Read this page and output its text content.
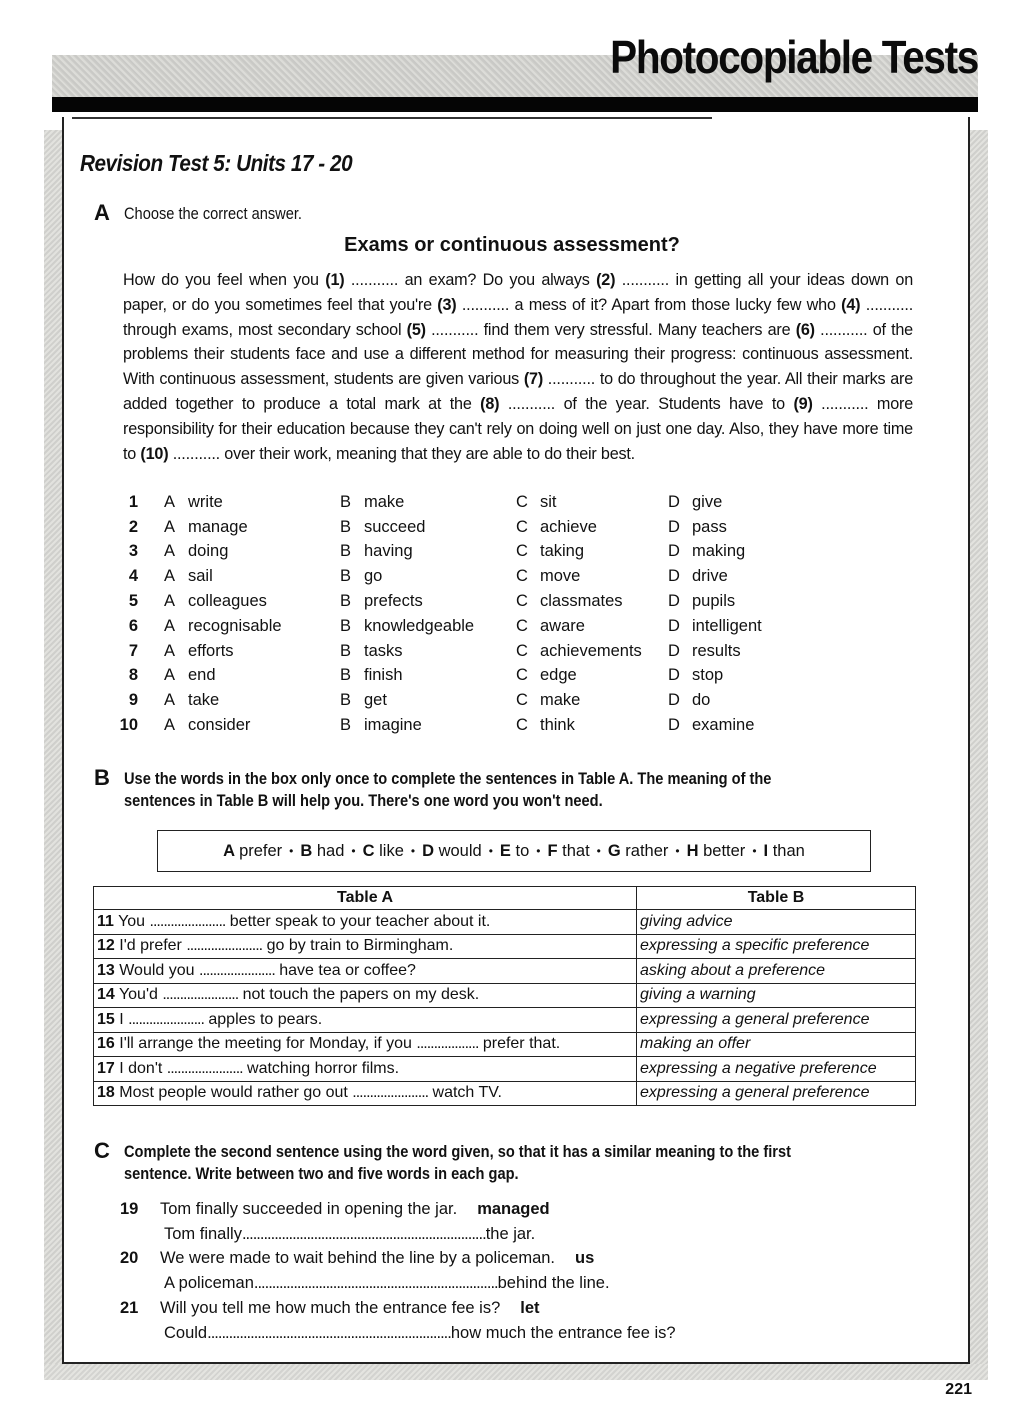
Photocopiable Tests
Revision Test 5: Units 17 - 20
A Choose the correct answer.
Exams or continuous assessment?
How do you feel when you (1) ........... an exam? Do you always (2) ........... in getting all your ideas down on paper, or do you sometimes feel that you're (3) ........... a mess of it? Apart from those lucky few who (4) ........... through exams, most secondary school (5) ........... find them very stressful. Many teachers are (6) ........... of the problems their students face and use a different method for measuring their progress: continuous assessment. With continuous assessment, students are given various (7) ........... to do throughout the year. All their marks are added together to produce a total mark at the (8) ........... of the year. Students have to (9) ........... more responsibility for their education because they can't rely on doing well on just one day. Also, they have more time to (10) ........... over their work, meaning that they are able to do their best.
1 A write	B make	C sit	D give
2 A manage	B succeed	C achieve	D pass
3 A doing	B having	C taking	D making
4 A sail	B go	C move	D drive
5 A colleagues	B prefects	C classmates	D pupils
6 A recognisable	B knowledgeable	C aware	D intelligent
7 A efforts	B tasks	C achievements D results
8 A end	B finish	C edge	D stop
9 A take	B get	C make	D do
10 A consider	B imagine	C think	D examine
B Use the words in the box only once to complete the sentences in Table A. The meaning of the
sentences in Table B will help you. There's one word you won't need.
A prefer • B had • C like • D would • E to • F that • G rather • H better • I than
Table A	Table B
11 You ...................... better speak to your teacher about it.	giving advice
12 I'd prefer ...................... go by train to Birmingham.	expressing a specific preference
13 Would you ...................... have tea or coffee?	asking about a preference
14 You'd ...................... not touch the papers on my desk.	giving a warning
15 I ...................... apples to pears.	expressing a general preference
16 I'll arrange the meeting for Monday, if you .................. prefer that.	making an offer
17 I don't ...................... watching horror films.	expressing a negative preference
18 Most people would rather go out ...................... watch TV.	expressing a general preference
C Complete the second sentence using the word given, so that it has a similar meaning to the first
sentence. Write between two and five words in each gap.
19	Tom finally succeeded in opening the jar. managed
Tom finally .................................................................... the jar.
20	We were made to wait behind the line by a policeman. us
A policeman .................................................................... behind the line.
21	Will you tell me how much the entrance fee is? let
Could .................................................................... how much the entrance fee is?
221
